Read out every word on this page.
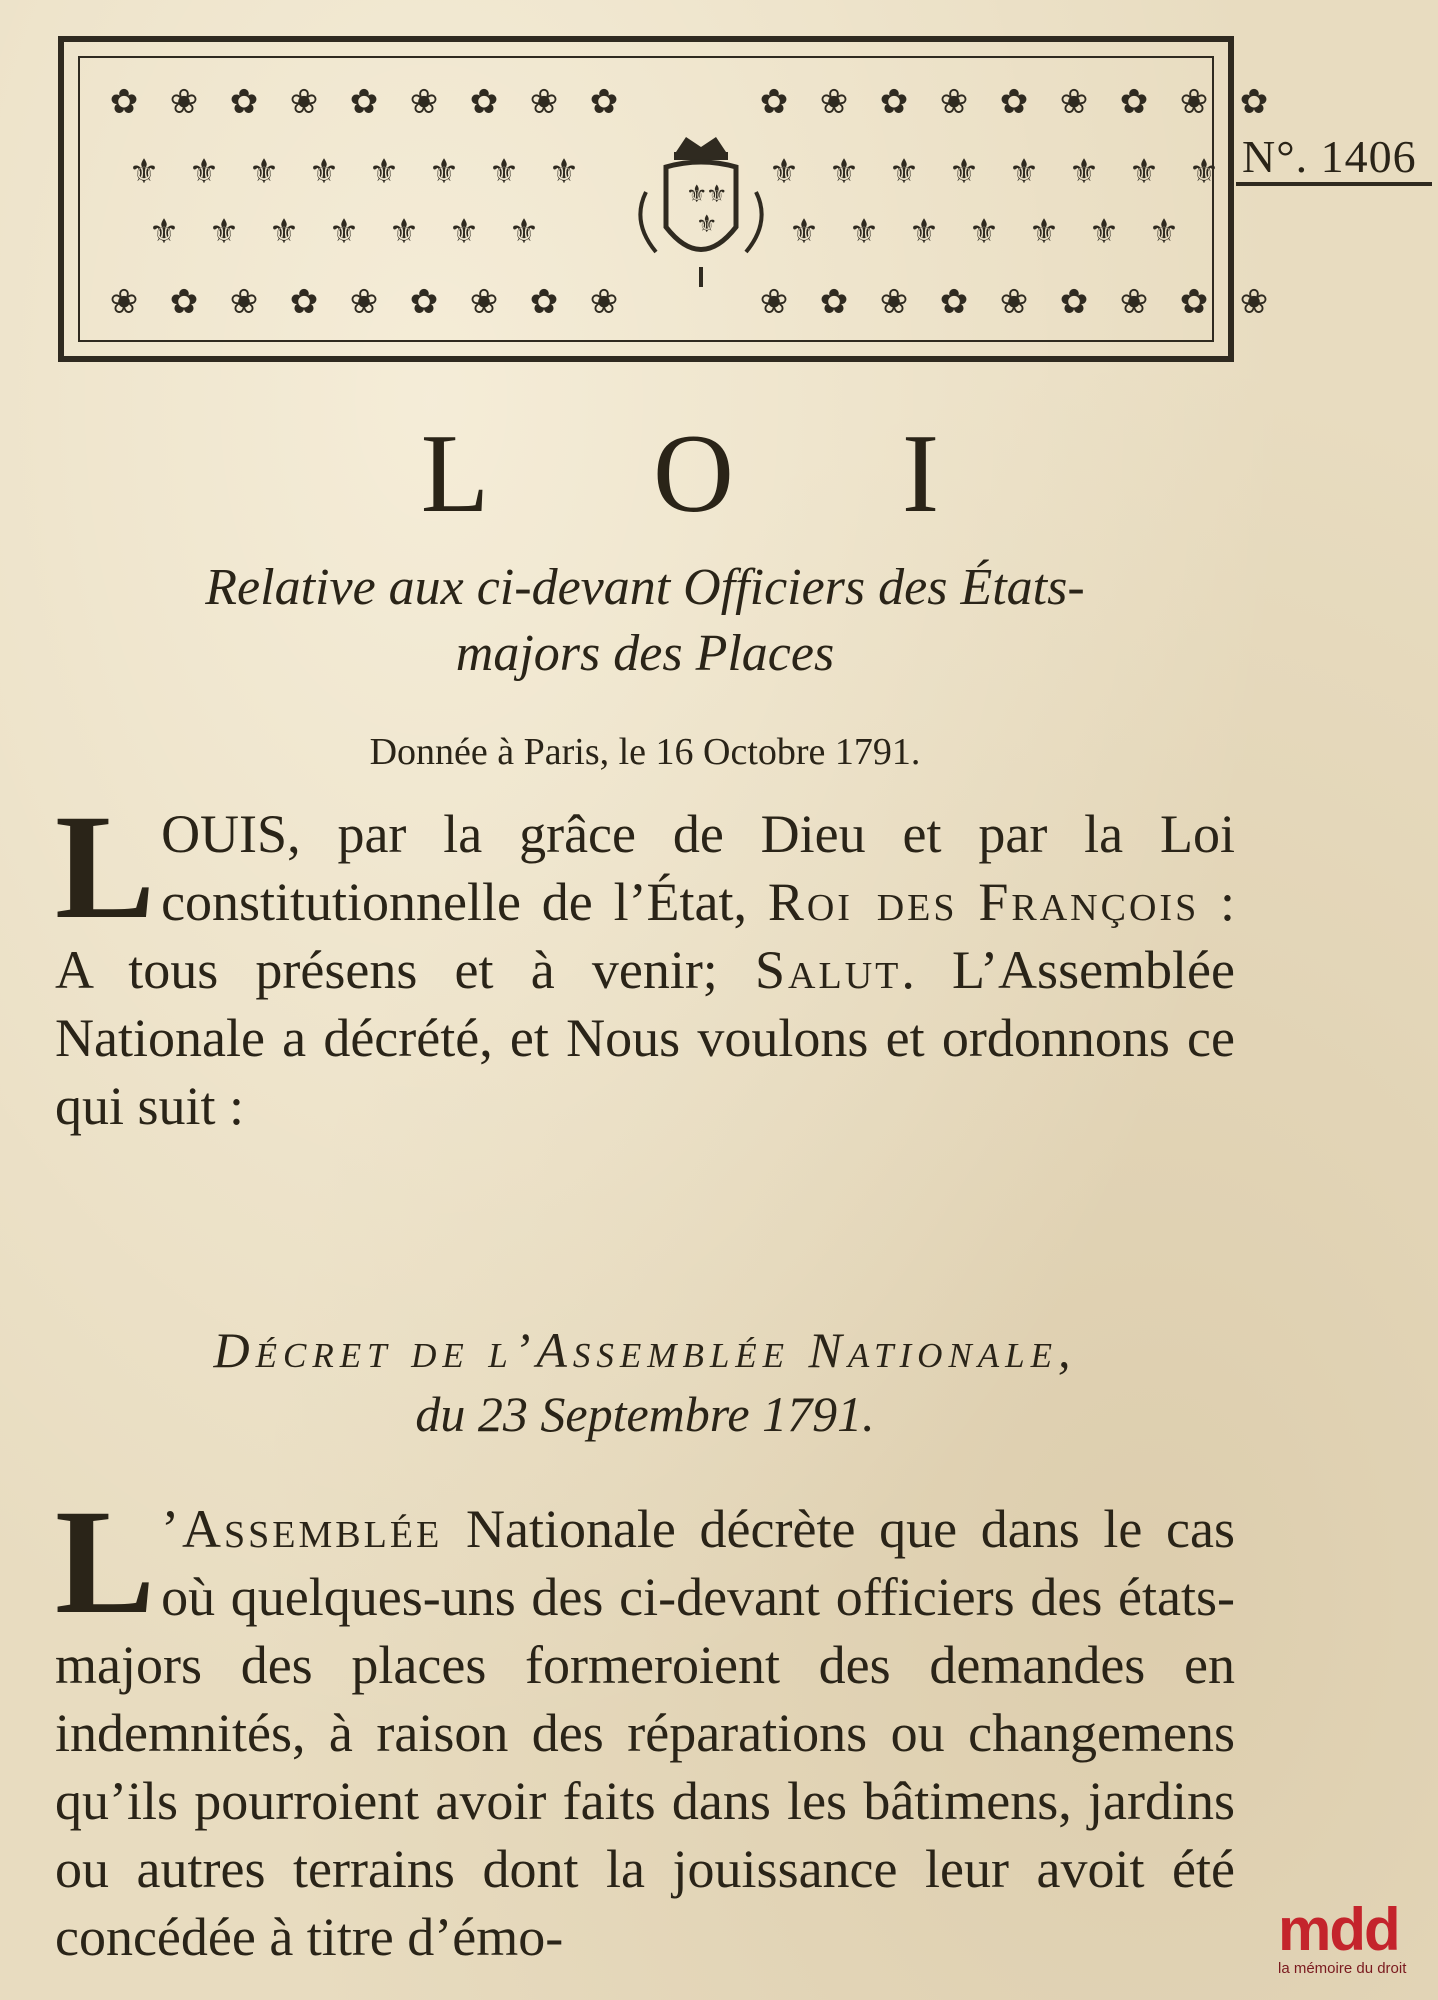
✿ ❀ ✿ ❀ ✿ ❀ ✿ ❀ ✿
⚜ ⚜ ⚜ ⚜ ⚜ ⚜ ⚜ ⚜
⚜ ⚜ ⚜ ⚜ ⚜ ⚜ ⚜
❀ ✿ ❀ ✿ ❀ ✿ ❀ ✿ ❀
✿ ❀ ✿ ❀ ✿ ❀ ✿ ❀ ✿
⚜ ⚜ ⚜ ⚜ ⚜ ⚜ ⚜ ⚜
⚜ ⚜ ⚜ ⚜ ⚜ ⚜ ⚜
❀ ✿ ❀ ✿ ❀ ✿ ❀ ✿ ❀
⚜
⚜
⚜
N°. 1406
L O I
Relative aux ci-devant Officiers des États-
majors des Places
Donnée à Paris, le 16 Octobre 1791.
LOUIS, par la grâce de Dieu et par la Loi constitutionnelle de l’État, Roi des François : A tous présens et à venir; Salut. L’Assemblée Nationale a décrété, et Nous voulons et ordonnons ce qui suit :
Décret de l’Assemblée Nationale,
du 23 Septembre 1791.
L ’Assemblée Nationale décrète que dans le cas où quelques-uns des ci-devant officiers des états-majors des places formeroient des demandes en indemnités, à raison des réparations ou changemens qu’ils pourroient avoir faits dans les bâtimens, jardins ou autres terrains dont la jouissance leur avoit été concédée à titre d’émo-	mdd
la mémoire du droit
